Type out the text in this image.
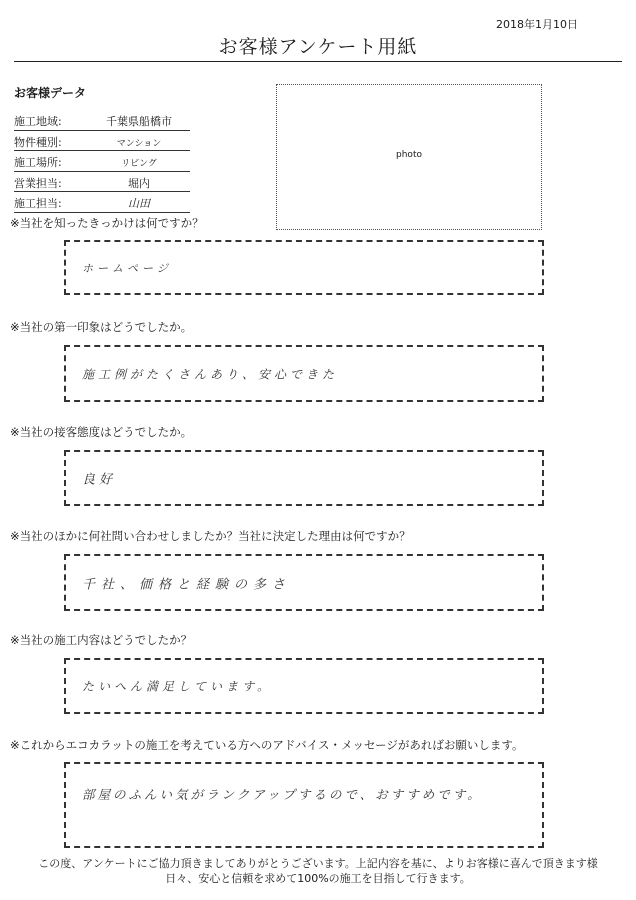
2018年1月10日
お客様アンケート用紙
お客様データ
施工地域:	千葉県船橋市
物件種別:	マンション
施工場所:	リビング
営業担当:	堀内
施工担当:	山田
photo
※当社を知ったきっかけは何ですか？
ホームページ
※当社の第一印象はどうでしたか。
施工例がたくさんあり、安心できた
※当社の接客態度はどうでしたか。
良好
※当社のほかに何社問い合わせしましたか？当社に決定した理由は何ですか？
千社、価格と経験の多さ
※当社の施工内容はどうでしたか？
たいへん満足しています。
※これからエコカラットの施工を考えている方へのアドバイス・メッセージがあればお願いします。
部屋のふんい気がランクアップするので、おすすめです。
この度、アンケートにご協力頂きましてありがとうございます。上記内容を基に、よりお客様に喜んで頂きます様
日々、安心と信頼を求めて100%の施工を目指して行きます。
